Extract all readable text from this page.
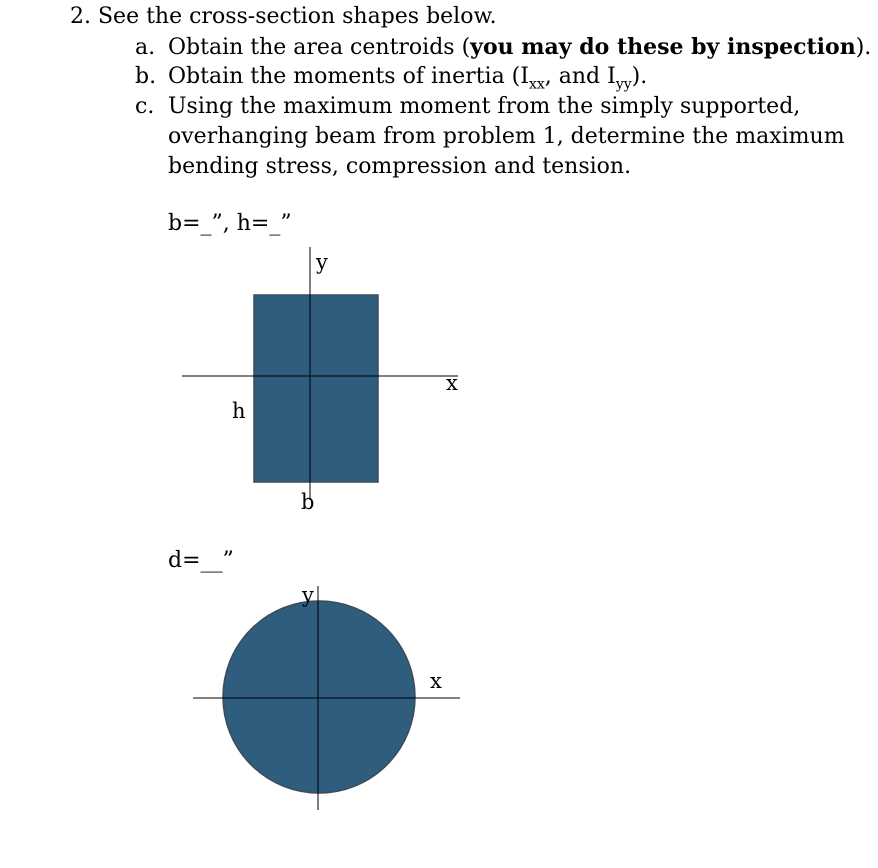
2. See the cross-section shapes below.
a. Obtain the area centroids (you may do these by inspection).
b. Obtain the moments of inertia ($I_{xx}$, and $I_{yy}$).
c. Using the maximum moment from the simply supported,
overhanging beam from problem 1, determine the maximum
bending stress, compression and tension.
b=_”, h=_”
d=__”
y
x
h
b
y
x
